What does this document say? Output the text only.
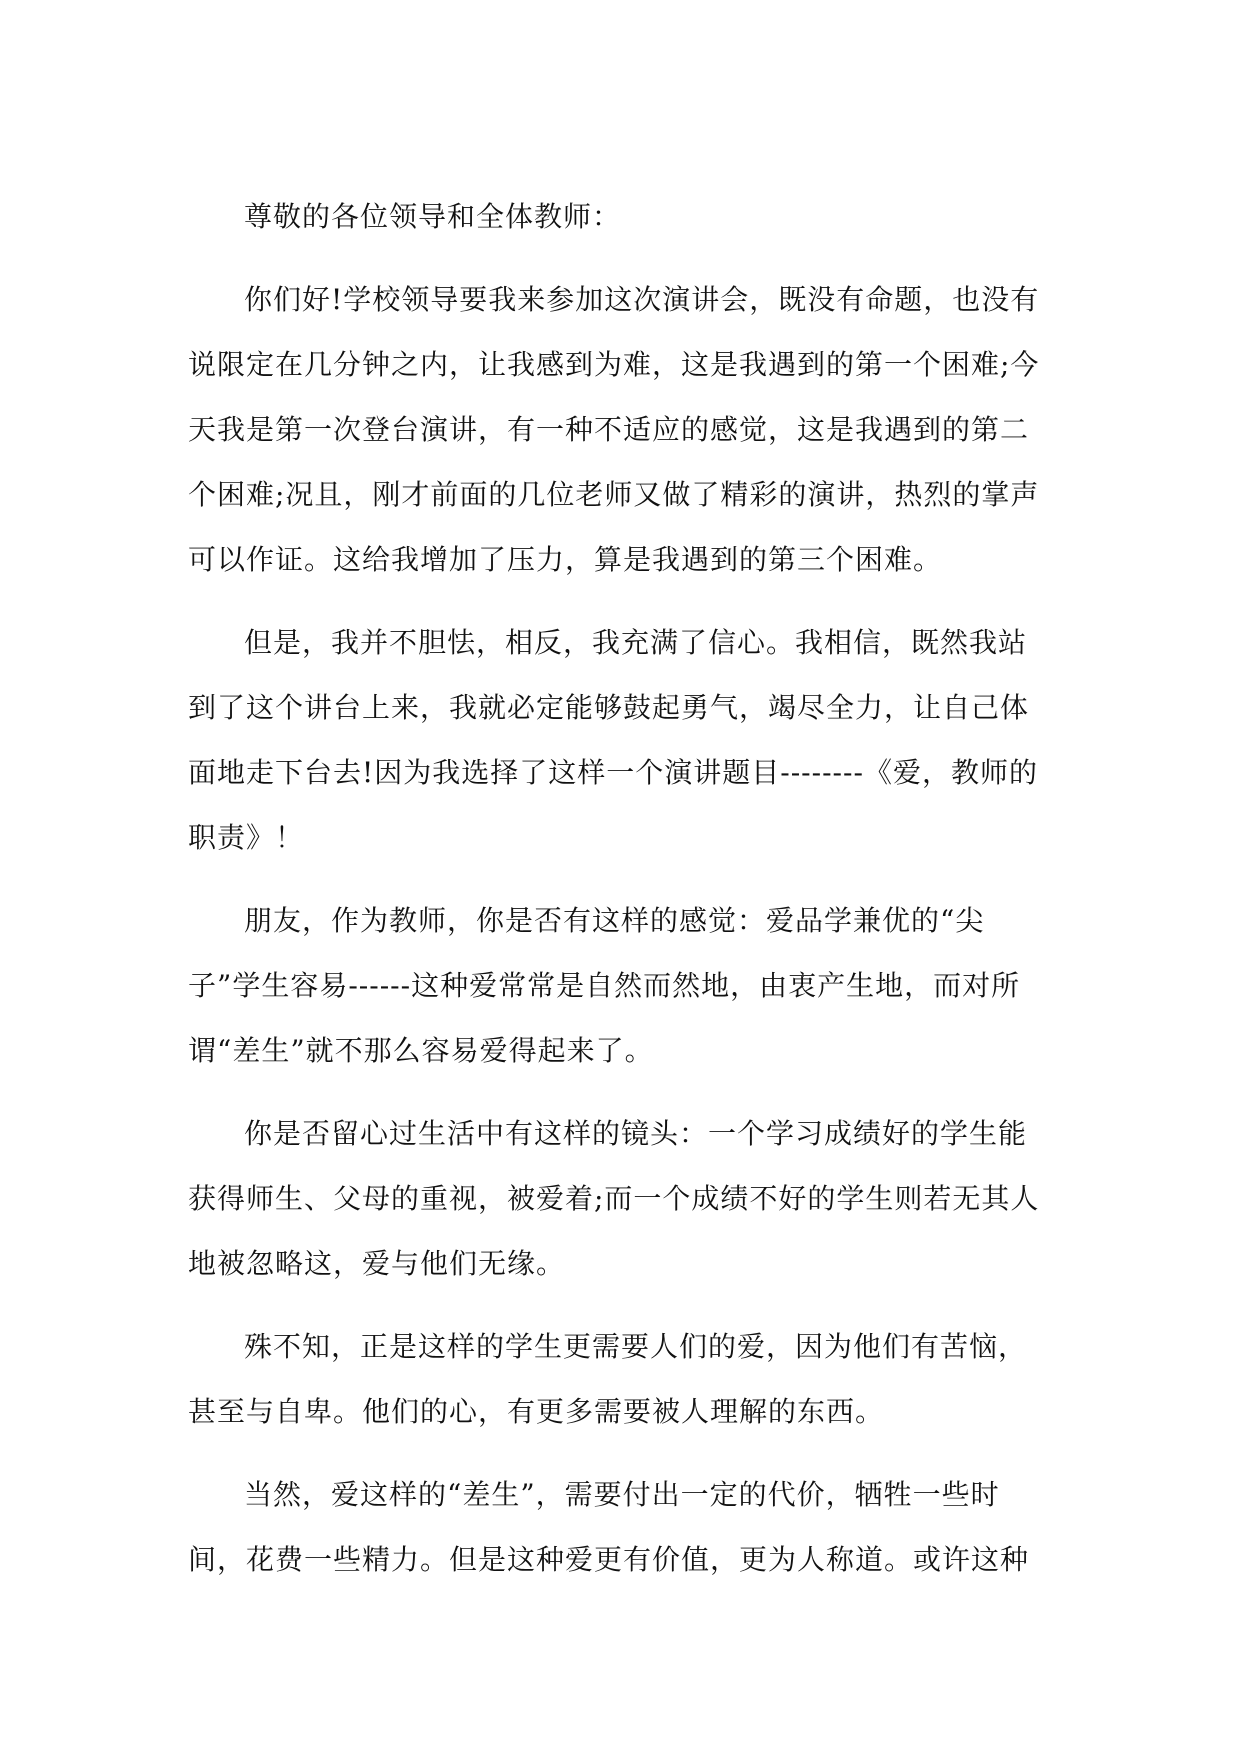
尊敬的各位领导和全体教师：

你们好!学校领导要我来参加这次演讲会，既没有命题，也没有说限定在几分钟之内，让我感到为难，这是我遇到的第一个困难;今天我是第一次登台演讲，有一种不适应的感觉，这是我遇到的第二个困难;况且，刚才前面的几位老师又做了精彩的演讲，热烈的掌声可以作证。这给我增加了压力，算是我遇到的第三个困难。

但是，我并不胆怯，相反，我充满了信心。我相信，既然我站到了这个讲台上来，我就必定能够鼓起勇气，竭尽全力，让自己体面地走下台去!因为我选择了这样一个演讲题目--------《爱，教师的职责》！

朋友，作为教师，你是否有这样的感觉：爱品学兼优的“尖子”学生容易------这种爱常常是自然而然地，由衷产生地，而对所谓“差生”就不那么容易爱得起来了。

你是否留心过生活中有这样的镜头：一个学习成绩好的学生能获得师生、父母的重视，被爱着;而一个成绩不好的学生则若无其人地被忽略这，爱与他们无缘。

殊不知，正是这样的学生更需要人们的爱，因为他们有苦恼，甚至与自卑。他们的心，有更多需要被人理解的东西。

当然，爱这样的“差生”，需要付出一定的代价，牺牲一些时间，花费一些精力。但是这种爱更有价值，更为人称道。或许这种
